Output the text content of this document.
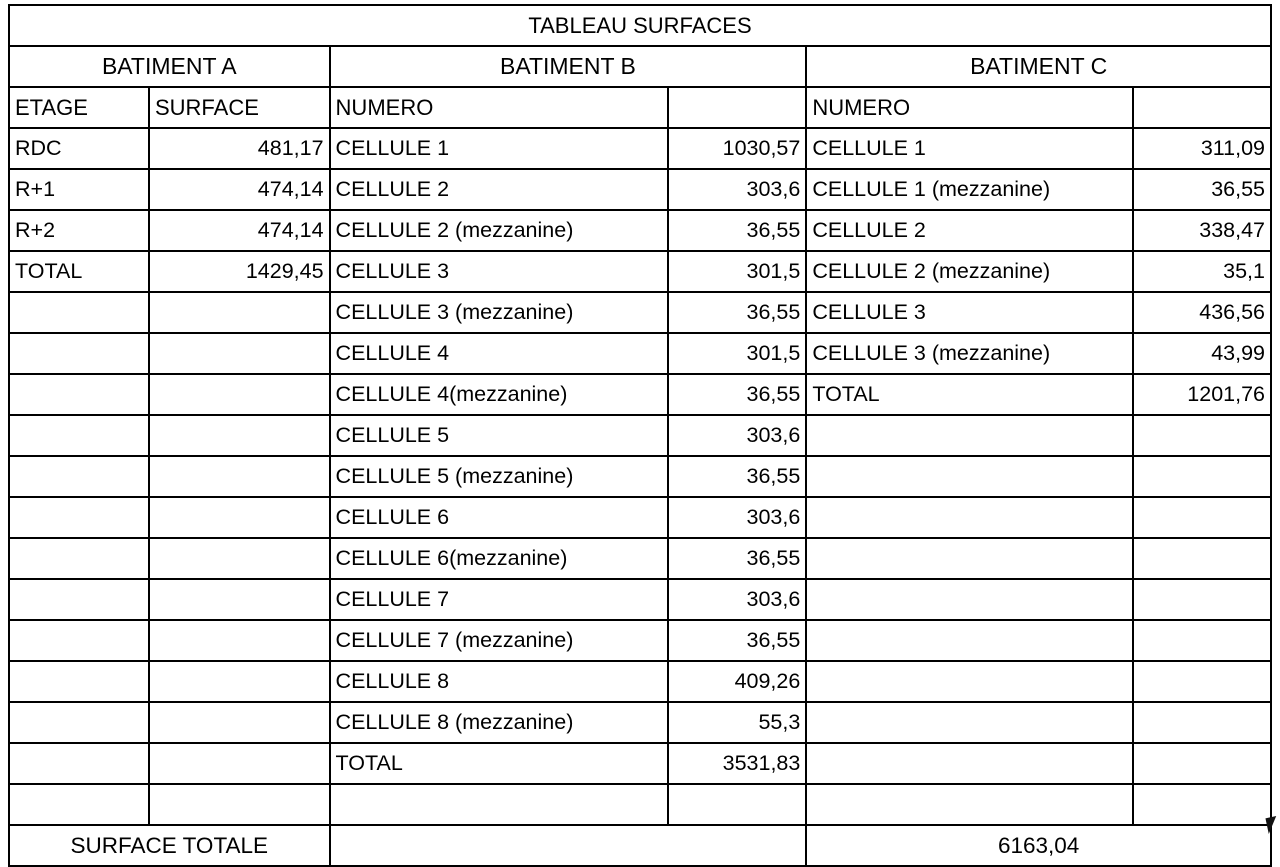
TABLEAU SURFACES					
BATIMENT A		BATIMENT B		BATIMENT C	
ETAGE	SURFACE	NUMERO		NUMERO	
RDC	481,17	CELLULE 1	1030,57	CELLULE 1	311,09
R+1	474,14	CELLULE 2	303,6	CELLULE 1 (mezzanine)	36,55
R+2	474,14	CELLULE 2 (mezzanine)	36,55	CELLULE 2	338,47
TOTAL	1429,45	CELLULE 3	301,5	CELLULE 2 (mezzanine)	35,1
		CELLULE 3 (mezzanine)	36,55	CELLULE 3	436,56
		CELLULE 4	301,5	CELLULE 3 (mezzanine)	43,99
		CELLULE 4(mezzanine)	36,55	TOTAL	1201,76
		CELLULE 5	303,6		
		CELLULE 5 (mezzanine)	36,55		
		CELLULE 6	303,6		
		CELLULE 6(mezzanine)	36,55		
		CELLULE 7	303,6		
		CELLULE 7 (mezzanine)	36,55		
		CELLULE 8	409,26		
		CELLULE 8 (mezzanine)	55,3		
		TOTAL	3531,83		

SURFACE TOTALE				6163,04	
